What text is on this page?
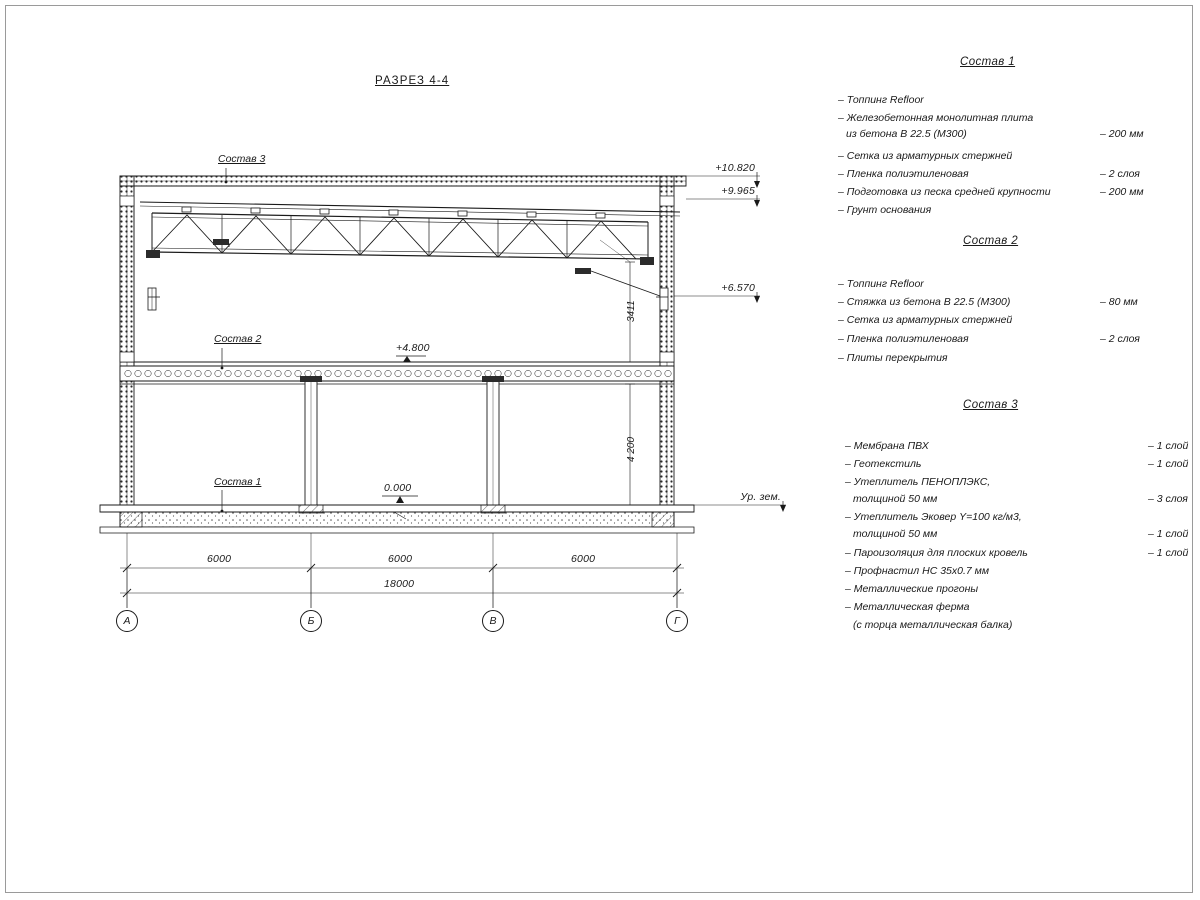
РАЗРЕЗ 4-4
Состав 3
Состав 2
Состав 1
+4.800
0.000
+10.820
+9.965
+6.570
Ур. зем.
3411
4 200
6000	6000	6000
18000
А	Б	В	Г
Состав 1
– Топпинг Refloor
– Железобетонная монолитная плита
из бетона В 22.5 (М300)	– 200 мм
– Сетка из арматурных стержней
– Пленка полиэтиленовая	– 2 слоя
– Подготовка из песка средней крупности	– 200 мм
– Грунт основания
Состав 2
– Топпинг Refloor
– Стяжка из бетона В 22.5 (М300)	– 80 мм
– Сетка из арматурных стержней
– Пленка полиэтиленовая	– 2 слоя
– Плиты перекрытия
Состав 3
– Мембрана ПВХ	– 1 слой
– Геотекстиль	– 1 слой
– Утеплитель ПЕНОПЛЭКС,
толщиной 50 мм	– 3 слоя
– Утеплитель Эковер Y=100 кг/м3,
толщиной 50 мм	– 1 слой
– Пароизоляция для плоских кровель	– 1 слой
– Профнастил НС 35х0.7 мм
– Металлические прогоны
– Металлическая ферма
(с торца металлическая балка)
